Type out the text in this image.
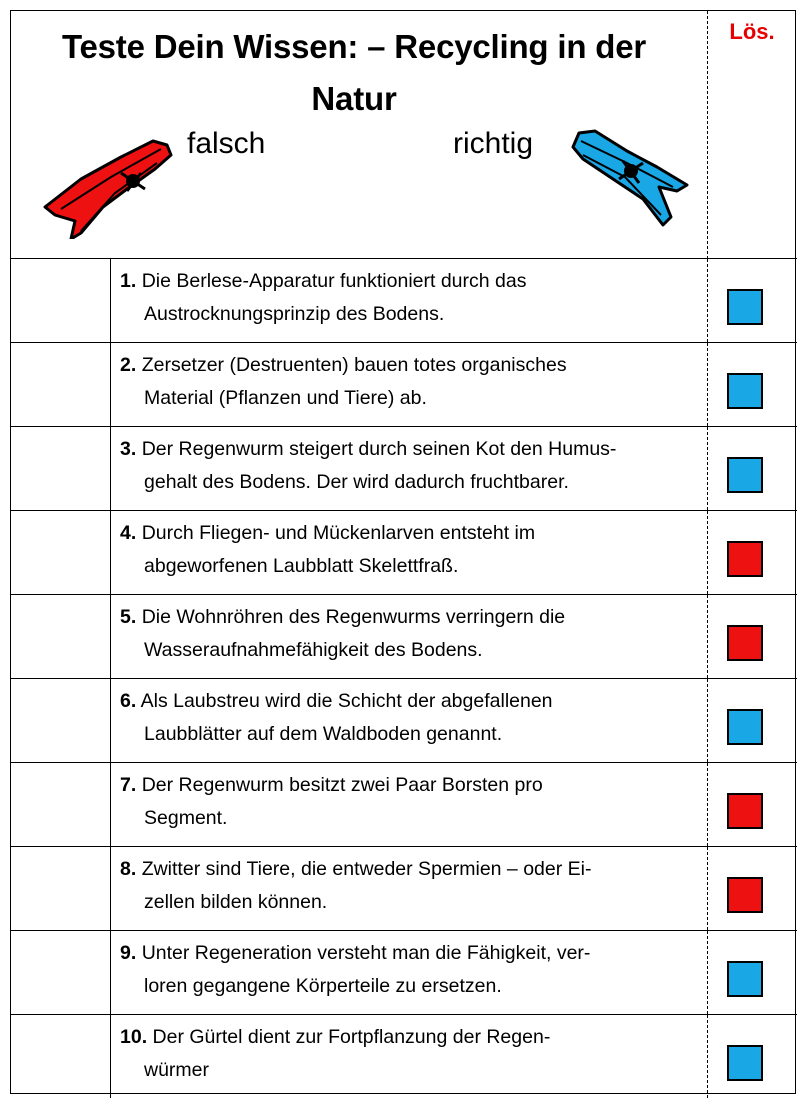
Teste Dein Wissen: – Recycling in der
Natur
falsch	richtig
Lös.
1. Die Berlese-Apparatur funktioniert durch das
Austrocknungsprinzip des Bodens.
2. Zersetzer (Destruenten) bauen totes organisches
Material (Pflanzen und Tiere) ab.
3. Der Regenwurm steigert durch seinen Kot den Humus-
gehalt des Bodens. Der wird dadurch fruchtbarer.
4. Durch Fliegen- und Mückenlarven entsteht im
abgeworfenen Laubblatt Skelettfraß.
5. Die Wohnröhren des Regenwurms verringern die
Wasseraufnahmefähigkeit des Bodens.
6. Als Laubstreu wird die Schicht der abgefallenen
Laubblätter auf dem Waldboden genannt.
7. Der Regenwurm besitzt zwei Paar Borsten pro
Segment.
8. Zwitter sind Tiere, die entweder Spermien – oder Ei-
zellen bilden können.
9. Unter Regeneration versteht man die Fähigkeit, ver-
loren gegangene Körperteile zu ersetzen.
10. Der Gürtel dient zur Fortpflanzung der Regen-
würmer
